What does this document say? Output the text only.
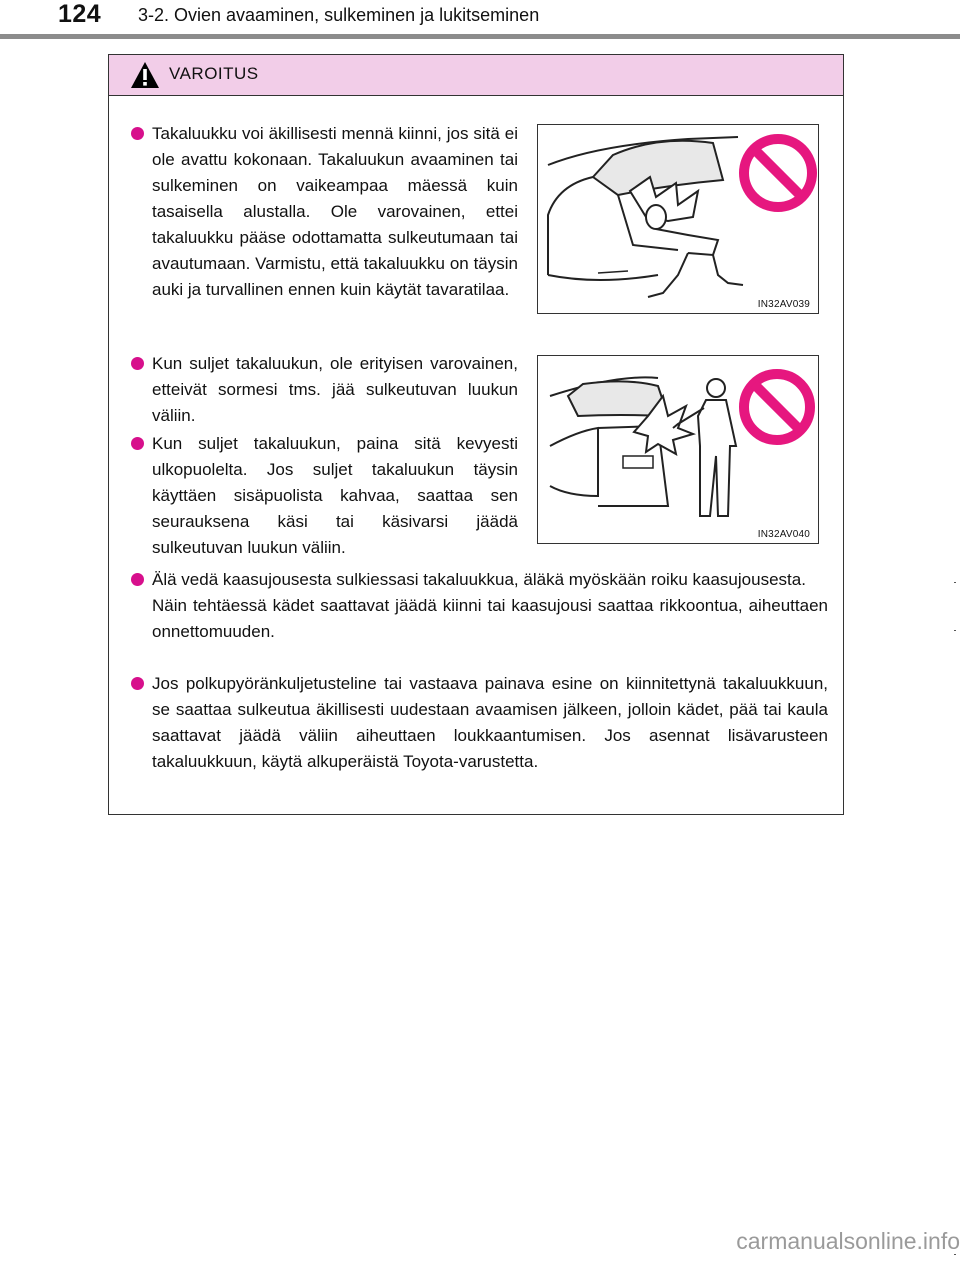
124 3-2. Ovien avaaminen, sulkeminen ja lukitseminen
VAROITUS
Takaluukku voi äkillisesti mennä kiinni, jos sitä ei ole avattu kokonaan. Takaluukun avaaminen tai sulkeminen on vaikeampaa mäessä kuin tasaisella alustalla. Ole varovainen, ettei takaluukku pääse odottamatta sulkeutumaan tai avautumaan. Varmistu, että takaluukku on täysin auki ja turvallinen ennen kuin käytät tavaratilaa.
IN32AV039
Kun suljet takaluukun, ole erityisen varovainen, etteivät sormesi tms. jää sulkeutuvan luukun väliin.
Kun suljet takaluukun, paina sitä kevyesti ulkopuolelta. Jos suljet takaluukun täysin käyttäen sisäpuolista kahvaa, saattaa sen seurauksena käsi tai käsivarsi jäädä sulkeutuvan luukun väliin.
IN32AV040
Älä vedä kaasujousesta sulkiessasi takaluukkua, äläkä myöskään roiku kaasujousesta.
Näin tehtäessä kädet saattavat jäädä kiinni tai kaasujousi saattaa rikkoontua, aiheuttaen onnettomuuden.
Jos polkupyöränkuljetusteline tai vastaava painava esine on kiinnitettynä takaluukkuun, se saattaa sulkeutua äkillisesti uudestaan avaamisen jälkeen, jolloin kädet, pää tai kaula saattavat jäädä väliin aiheuttaen loukkaantumisen. Jos asennat lisävarusteen takaluukkuun, käytä alkuperäistä Toyota-varustetta.
carmanualsonline.info
